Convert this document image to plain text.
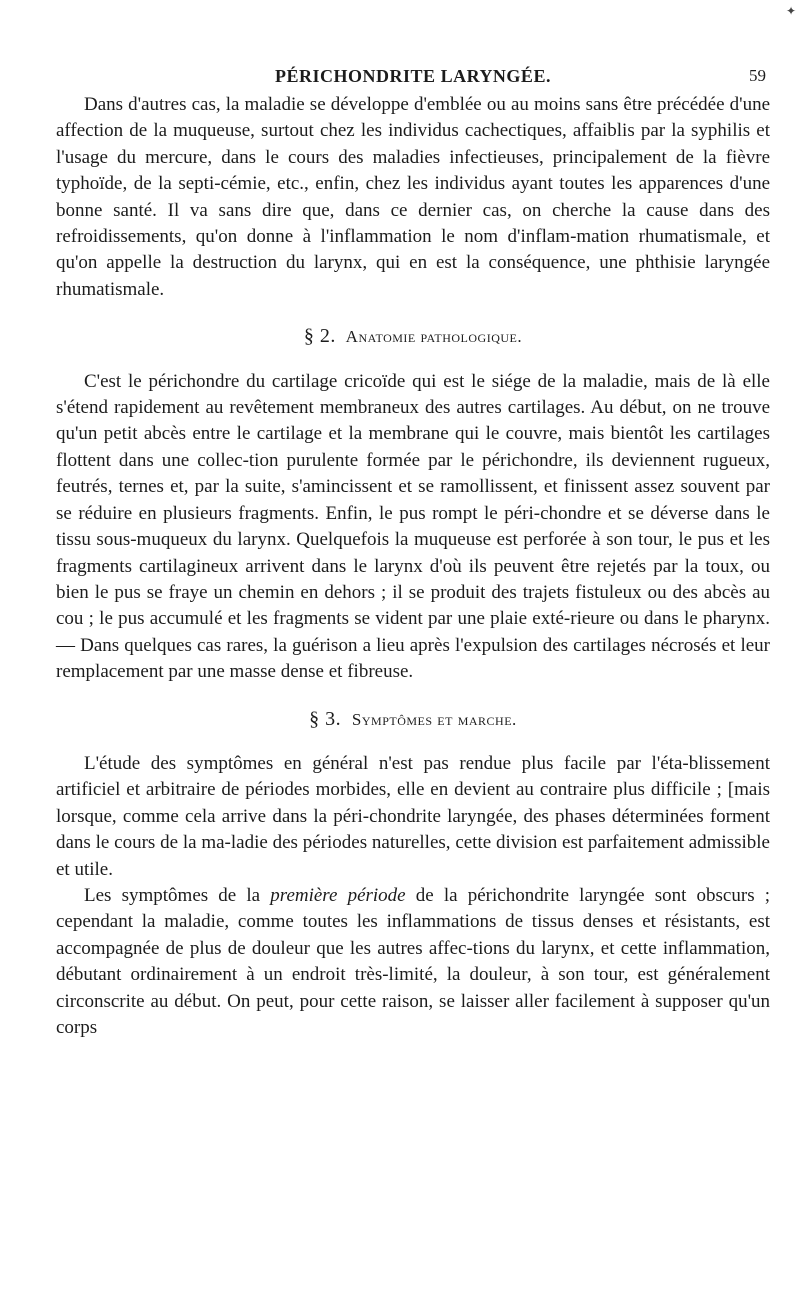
✦
PÉRICHONDRITE LARYNGÉE.	59

Dans d'autres cas, la maladie se développe d'emblée ou au moins sans être précédée d'une affection de la muqueuse, surtout chez les individus cachectiques, affaiblis par la syphilis et l'usage du mercure, dans le cours des maladies infectieuses, principalement de la fièvre typhoïde, de la septi-cémie, etc., enfin, chez les individus ayant toutes les apparences d'une bonne santé. Il va sans dire que, dans ce dernier cas, on cherche la cause dans des refroidissements, qu'on donne à l'inflammation le nom d'inflam-mation rhumatismale, et qu'on appelle la destruction du larynx, qui en est la conséquence, une phthisie laryngée rhumatismale.

§ 2. Anatomie pathologique.

C'est le périchondre du cartilage cricoïde qui est le siége de la maladie, mais de là elle s'étend rapidement au revêtement membraneux des autres cartilages. Au début, on ne trouve qu'un petit abcès entre le cartilage et la membrane qui le couvre, mais bientôt les cartilages flottent dans une collec-tion purulente formée par le périchondre, ils deviennent rugueux, feutrés, ternes et, par la suite, s'amincissent et se ramollissent, et finissent assez souvent par se réduire en plusieurs fragments. Enfin, le pus rompt le péri-chondre et se déverse dans le tissu sous-muqueux du larynx. Quelquefois la muqueuse est perforée à son tour, le pus et les fragments cartilagineux arrivent dans le larynx d'où ils peuvent être rejetés par la toux, ou bien le pus se fraye un chemin en dehors ; il se produit des trajets fistuleux ou des abcès au cou ; le pus accumulé et les fragments se vident par une plaie exté-rieure ou dans le pharynx. — Dans quelques cas rares, la guérison a lieu après l'expulsion des cartilages nécrosés et leur remplacement par une masse dense et fibreuse.

§ 3. Symptômes et marche.

L'étude des symptômes en général n'est pas rendue plus facile par l'éta-blissement artificiel et arbitraire de périodes morbides, elle en devient au contraire plus difficile ; [mais lorsque, comme cela arrive dans la péri-chondrite laryngée, des phases déterminées forment dans le cours de la ma-ladie des périodes naturelles, cette division est parfaitement admissible et utile.

Les symptômes de la première période de la périchondrite laryngée sont obscurs ; cependant la maladie, comme toutes les inflammations de tissus denses et résistants, est accompagnée de plus de douleur que les autres affec-tions du larynx, et cette inflammation, débutant ordinairement à un endroit très-limité, la douleur, à son tour, est généralement circonscrite au début. On peut, pour cette raison, se laisser aller facilement à supposer qu'un corps
